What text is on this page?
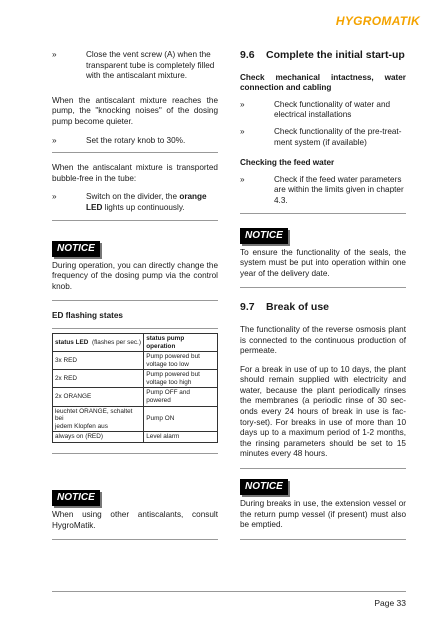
HYGROMATIK
»	Close the vent screw (A) when the transparent tube is completely filled with the antiscalant mixture.

When the antiscalant mixture reaches the pump, the "knocking noises" of the dosing pump become quieter.

»	Set the rotary knob to 30%.

When the antiscalant mixture is transported bubble-free in the tube:

»	Switch on the divider, the orange LED lights up continuously.
NOTICE

During operation, you can directly change the frequency of the dosing pump via the control knob.

ED flashing states
status LED (flashes per sec.)	status pump operation
3x RED	Pump powered but
voltage too low
2x RED	Pump powered but
voltage too high
2x ORANGE	Pump OFF and powered
leuchtet ORANGE, schaltet bei
jedem Klopfen aus	Pump ON
always on (RED)	Level alarm
NOTICE

When using other antiscalants, consult HygroMatik.

9.6	Complete the initial start-up
Check mechanical intactness, water
connection and cabling
»	Check functionality of water and electrical installations
»	Check functionality of the pre-treat-ment system (if available)
Checking the feed water
»	Check if the feed water parameters are within the limits given in chapter 4.3.
NOTICE

To ensure the functionality of the seals, the system must be put into operation within one year of the delivery date.

9.7	Break of use

The functionality of the reverse osmosis plant is connected to the continuous production of permeate.

For a break in use of up to 10 days, the plant should remain supplied with electricity and water, because the plant periodically rinses the membranes (a periodic rinse of 30 sec-onds every 24 hours of break in use is fac-tory-set). For breaks in use of more than 10 days up to a maximum period of 1-2 months, the rinsing parameters should be set to 15 minutes every 48 hours.

NOTICE

During breaks in use, the extension vessel or the return pump vessel (if present) must also be emptied.

Page 33
